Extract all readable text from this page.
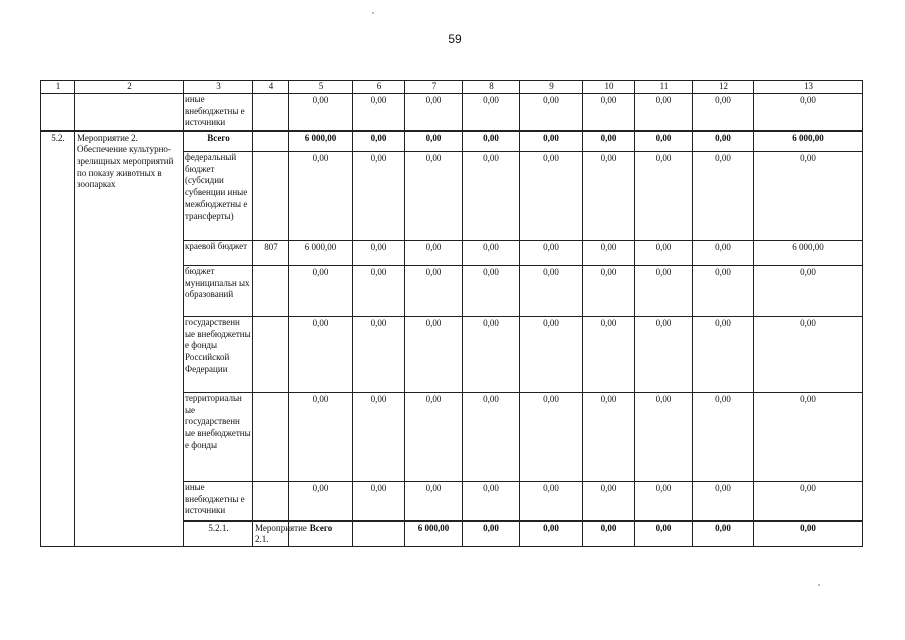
59
1	2	3	4	5	6	7	8	9	10	11	12	13	
		иные внебюджетны е источники		0,00	0,00	0,00	0,00	0,00	0,00	0,00	0,00	0,00	
5.2.	Мероприятие 2. Обеспечение культурно-зрелищных мероприятий по показу животных в зоопарках	Всего		6 000,00	0,00	0,00	0,00	0,00	0,00	0,00	0,00	6 000,00	
		федеральный бюджет (субсидии субвенции иные межбюджетны е трансферты)		0,00	0,00	0,00	0,00	0,00	0,00	0,00	0,00	0,00	
		краевой бюджет	807	6 000,00	0,00	0,00	0,00	0,00	0,00	0,00	0,00	6 000,00	
		бюджет муниципальн ых образований		0,00	0,00	0,00	0,00	0,00	0,00	0,00	0,00	0,00	
		государственн ые внебюджетны е фонды Российской Федерации		0,00	0,00	0,00	0,00	0,00	0,00	0,00	0,00	0,00	
		территориальн ые государственн ые внебюджетны е фонды		0,00	0,00	0,00	0,00	0,00	0,00	0,00	0,00	0,00	
		иные внебюджетны е источники		0,00	0,00	0,00	0,00	0,00	0,00	0,00	0,00	0,00	
		5.2.1.	Мероприятие 2.1.	Всего		6 000,00	0,00	0,00	0,00	0,00	0,00	0,00		
